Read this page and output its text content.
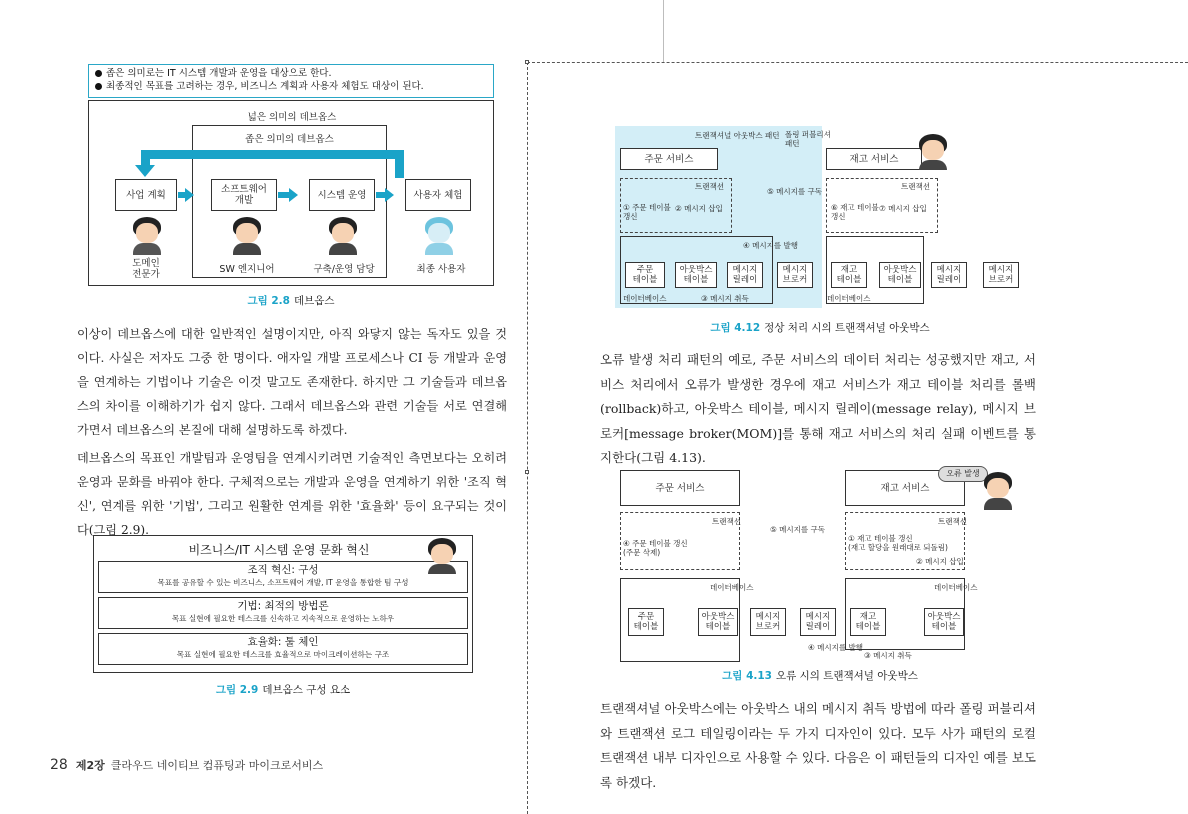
좁은 의미로는 IT 시스템 개발과 운영을 대상으로 한다.
최종적인 목표를 고려하는 경우, 비즈니스 계획과 사용자 체험도 대상이 된다.
넓은 의미의 데브옵스
좁은 의미의 데브옵스
사업 계획	소프트웨어
개발	시스템 운영	사용자 체험
도메인
전문가	SW 엔지니어	구축/운영 담당	최종 사용자
그림 2.8 데브옵스
이상이 데브옵스에 대한 일반적인 설명이지만, 아직 와닿지 않는 독자도 있을 것이다. 사실은 저자도 그중 한 명이다. 애자일 개발 프로세스나 CI 등 개발과 운영을 연계하는 기법이나 기술은 이것 말고도 존재한다. 하지만 그 기술들과 데브옵스의 차이를 이해하기가 쉽지 않다. 그래서 데브옵스와 관련 기술들 서로 연결해 가면서 데브옵스의 본질에 대해 설명하도록 하겠다.
데브옵스의 목표인 개발팀과 운영팀을 연계시키려면 기술적인 측면보다는 오히려 운영과 문화를 바꿔야 한다. 구체적으로는 개발과 운영을 연계하기 위한 '조직 혁신', 연계를 위한 '기법', 그리고 원활한 연계를 위한 '효율화' 등이 요구되는 것이다(그림 2.9).
비즈니스/IT 시스템 운영 문화 혁신
조직 혁신: 구성
목표를 공유할 수 있는 비즈니스, 소프트웨어 개발, IT 운영을 통합한 팀 구성
기법: 최적의 방법론
목표 실현에 필요한 테스크를 신속하고 지속적으로 운영하는 노하우
효율화: 툴 체인
목표 실현에 필요한 테스크를 효율적으로 마이크레이션하는 구조
그림 2.9 데브옵스 구성 요소
28 제2장 클라우드 네이티브 컴퓨팅과 마이크로서비스
트랜잭셔널 아웃박스 패턴 폴링 퍼블리셔
패턴
주문 서비스	재고 서비스
트랜잭션
① 주문 테이블
갱신
② 메시지 삽입
트랜잭션
⑥ 재고 테이블
갱신
⑦ 메시지 삽입
⑤ 메시지를 구독
④ 메시지를 발행
주문
테이블
아웃박스
테이블
메시지
릴레이
메시지
브로커
재고
테이블
아웃박스
테이블
메시지
릴레이
메시지
브로커
데이터베이스	③ 메시지 취득	데이터베이스
그림 4.12 정상 처리 시의 트랜잭셔널 아웃박스
오류 발생 처리 패턴의 예로, 주문 서비스의 데이터 처리는 성공했지만 재고, 서비스 처리에서 오류가 발생한 경우에 재고 서비스가 재고 테이블 처리를 롤백(rollback)하고, 아웃박스 테이블, 메시지 릴레이(message relay), 메시지 브로커[message broker(MOM)]를 통해 재고 서비스의 처리 실패 이벤트를 통지한다(그림 4.13).
주문 서비스	재고 서비스
오류 발생
트랜잭션
④ 주문 테이블 갱신
(주문 삭제)
트랜잭션
① 재고 테이블 갱신
(재고 할당을 원래대로 되돌림)
② 메시지 삽입
⑤ 메시지를 구독
데이터베이스	데이터베이스
주문
테이블
아웃박스
테이블
메시지
브로커
메시지
릴레이
재고
테이블
아웃박스
테이블
④ 메시지를 발행
③ 메시지 취득
그림 4.13 오류 시의 트랜잭셔널 아웃박스
트랜잭셔널 아웃박스에는 아웃박스 내의 메시지 취득 방법에 따라 폴링 퍼블리셔와 트랜잭션 로그 테일링이라는 두 가지 디자인이 있다. 모두 사가 패턴의 로컬 트랜잭션 내부 디자인으로 사용할 수 있다. 다음은 이 패턴들의 디자인 예를 보도록 하겠다.
